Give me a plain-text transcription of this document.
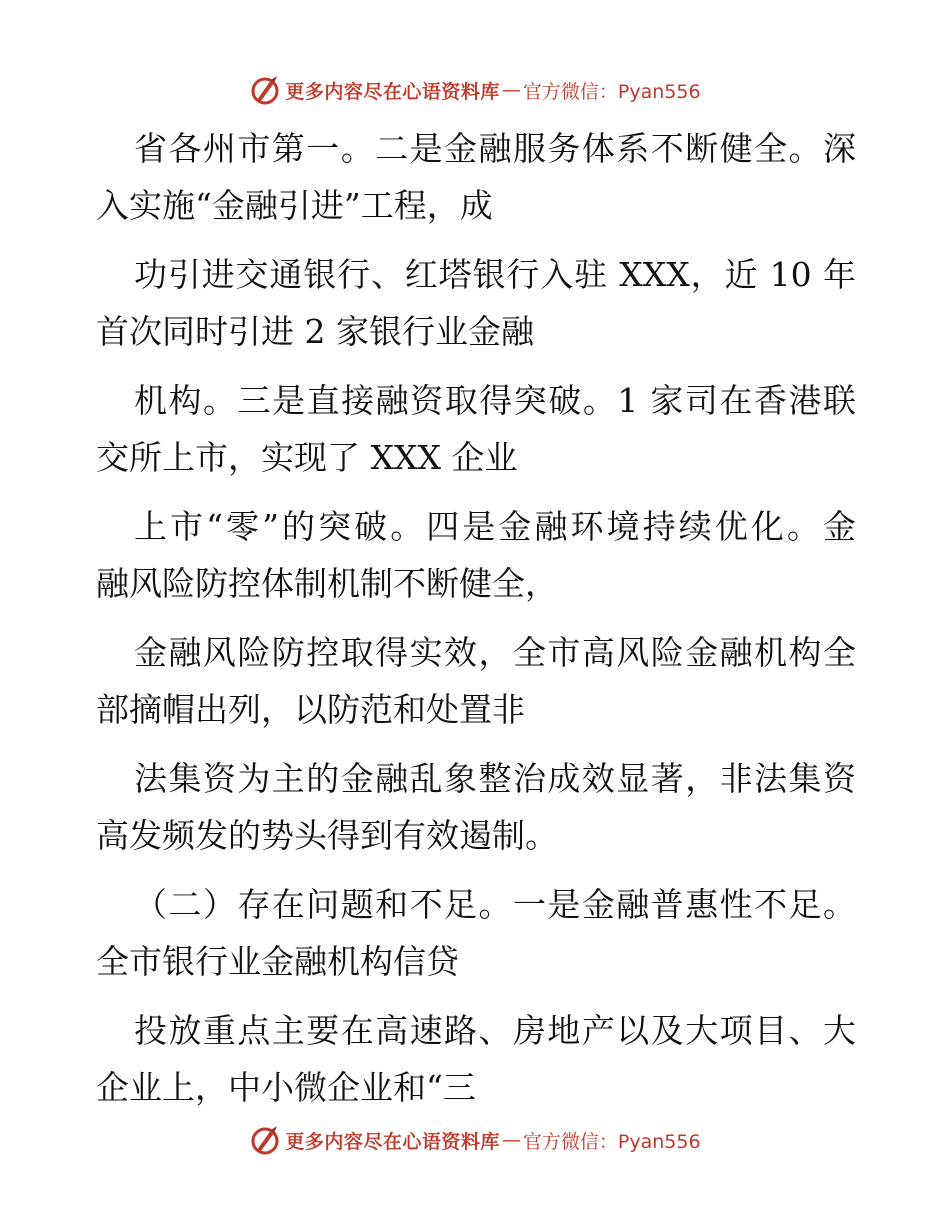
更多内容尽在心语资料库 — 官方微信：Pyan556

省各州市第一。二是金融服务体系不断健全。深
入实施“金融引进”工程，成

功引进交通银行、红塔银行入驻 XXX，近 10 年
首次同时引进 2 家银行业金融

机构。三是直接融资取得突破。1 家司在香港联
交所上市，实现了 XXX 企业

上市“零”的突破。四是金融环境持续优化。金
融风险防控体制机制不断健全，

金融风险防控取得实效，全市高风险金融机构全
部摘帽出列，以防范和处置非

法集资为主的金融乱象整治成效显著，非法集资
高发频发的势头得到有效遏制。

（二）存在问题和不足。一是金融普惠性不足。
全市银行业金融机构信贷

投放重点主要在高速路、房地产以及大项目、大
企业上，中小微企业和“三

更多内容尽在心语资料库 — 官方微信：Pyan556
